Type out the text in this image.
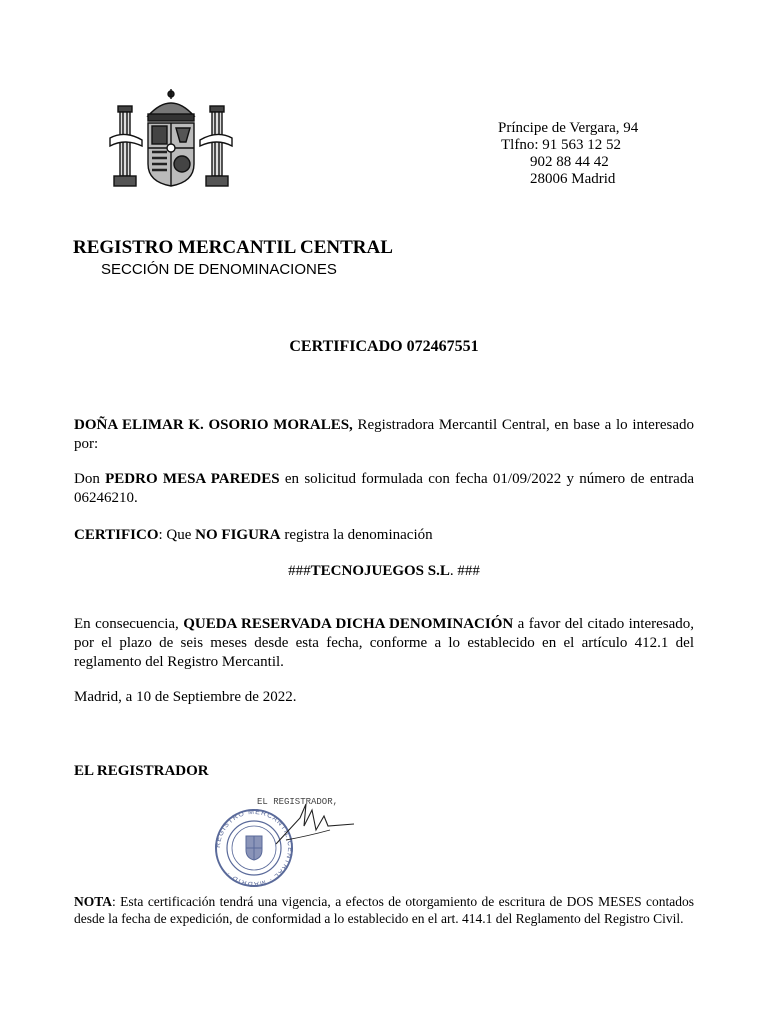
Príncipe de Vergara, 94
Tlfno: 91 563 12 52
902 88 44 42
28006 Madrid
REGISTRO MERCANTIL CENTRAL
SECCIÓN DE DENOMINACIONES
CERTIFICADO 072467551
DOÑA ELIMAR K. OSORIO MORALES, Registradora Mercantil Central, en base a lo interesado por:
Don PEDRO MESA PAREDES en solicitud formulada con fecha 01/09/2022 y número de entrada 06246210.
CERTIFICO: Que NO FIGURA registra la denominación
###TECNOJUEGOS S.L. ###
En consecuencia, QUEDA RESERVADA DICHA DENOMINACIÓN a favor del citado interesado, por el plazo de seis meses desde esta fecha, conforme a lo establecido en el artículo 412.1 del reglamento del Registro Mercantil.
Madrid, a 10 de Septiembre de 2022.
EL REGISTRADOR
EL REGISTRADOR,
REGISTRO MERCANTIL CENTRAL · MADRID ·
NOTA: Esta certificación tendrá una vigencia, a efectos de otorgamiento de escritura de DOS MESES contados desde la fecha de expedición, de conformidad a lo establecido en el art. 414.1 del Reglamento del Registro Civil.
